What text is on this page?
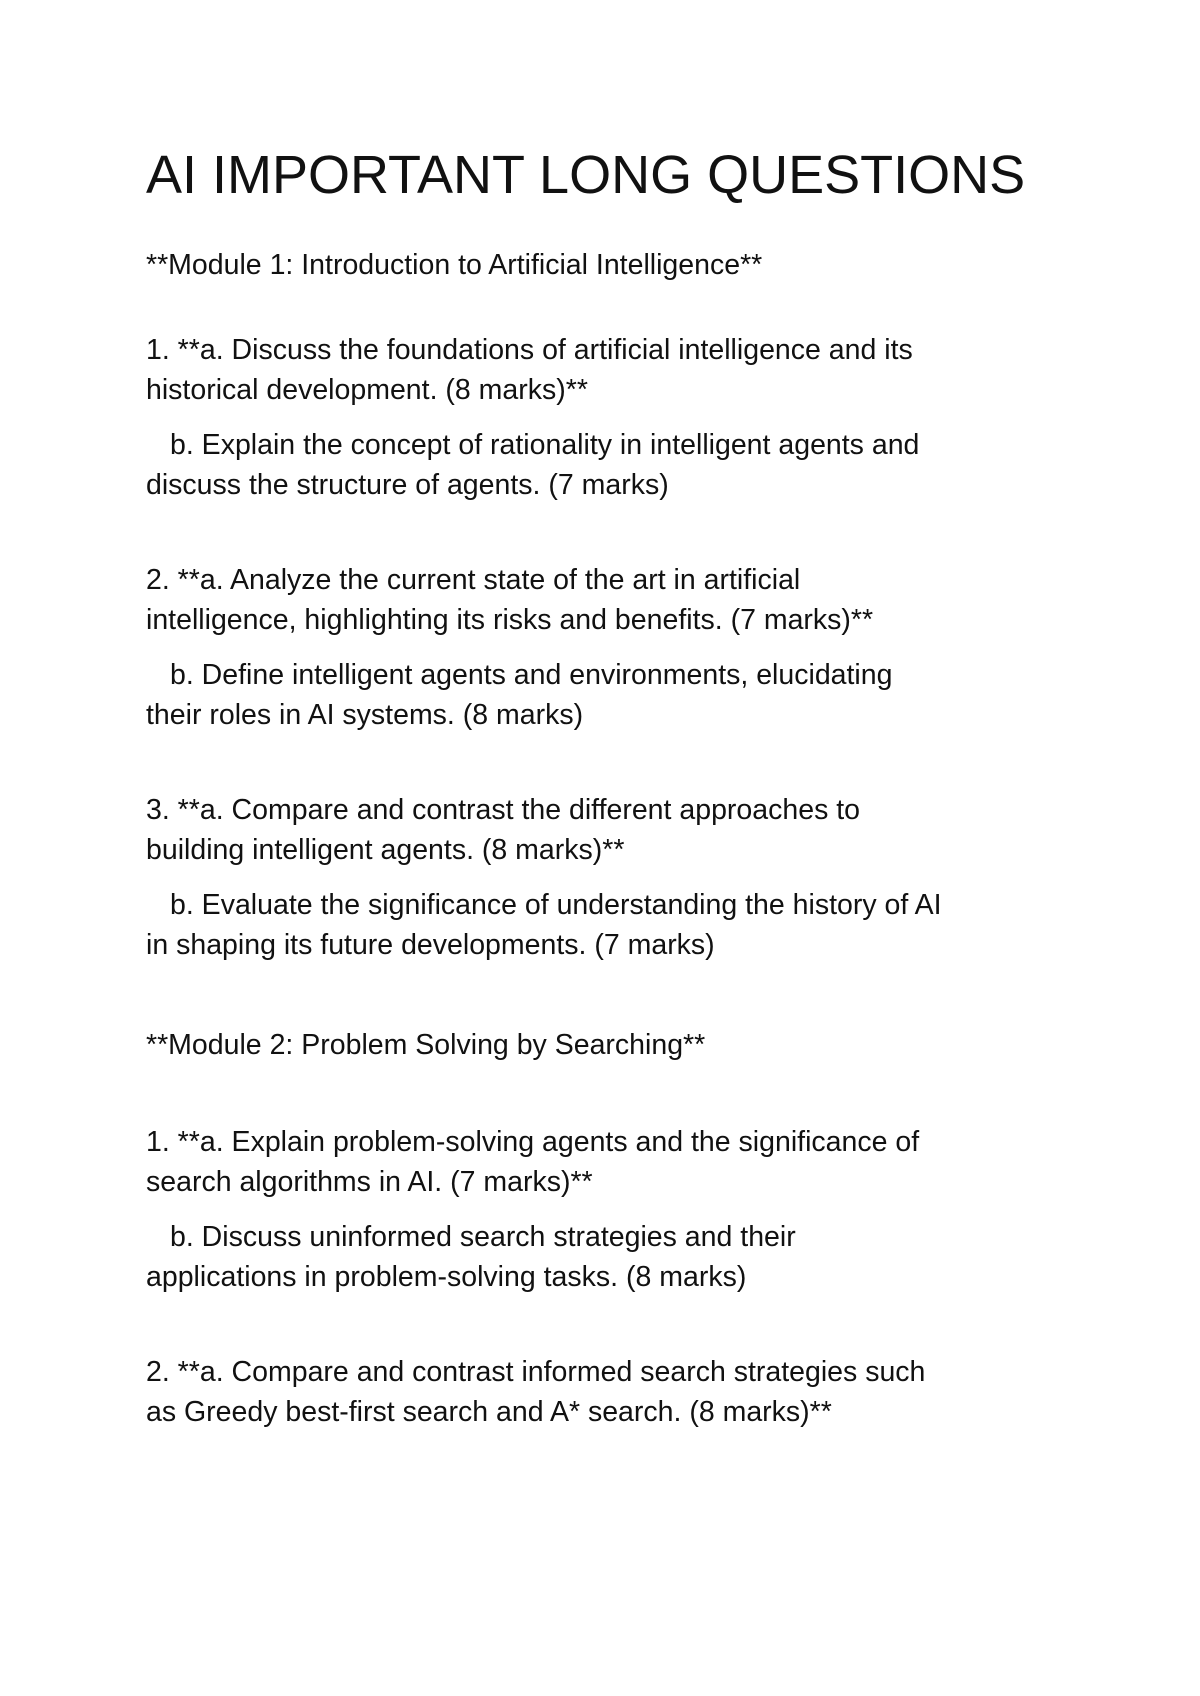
AI IMPORTANT LONG QUESTIONS
**Module 1: Introduction to Artificial Intelligence**
1. **a. Discuss the foundations of artificial intelligence and its
historical development. (8 marks)**
b. Explain the concept of rationality in intelligent agents and
discuss the structure of agents. (7 marks)
2. **a. Analyze the current state of the art in artificial
intelligence, highlighting its risks and benefits. (7 marks)**
b. Define intelligent agents and environments, elucidating
their roles in AI systems. (8 marks)
3. **a. Compare and contrast the different approaches to
building intelligent agents. (8 marks)**
b. Evaluate the significance of understanding the history of AI
in shaping its future developments. (7 marks)
**Module 2: Problem Solving by Searching**
1. **a. Explain problem-solving agents and the significance of
search algorithms in AI. (7 marks)**
b. Discuss uninformed search strategies and their
applications in problem-solving tasks. (8 marks)
2. **a. Compare and contrast informed search strategies such
as Greedy best-first search and A* search. (8 marks)**
